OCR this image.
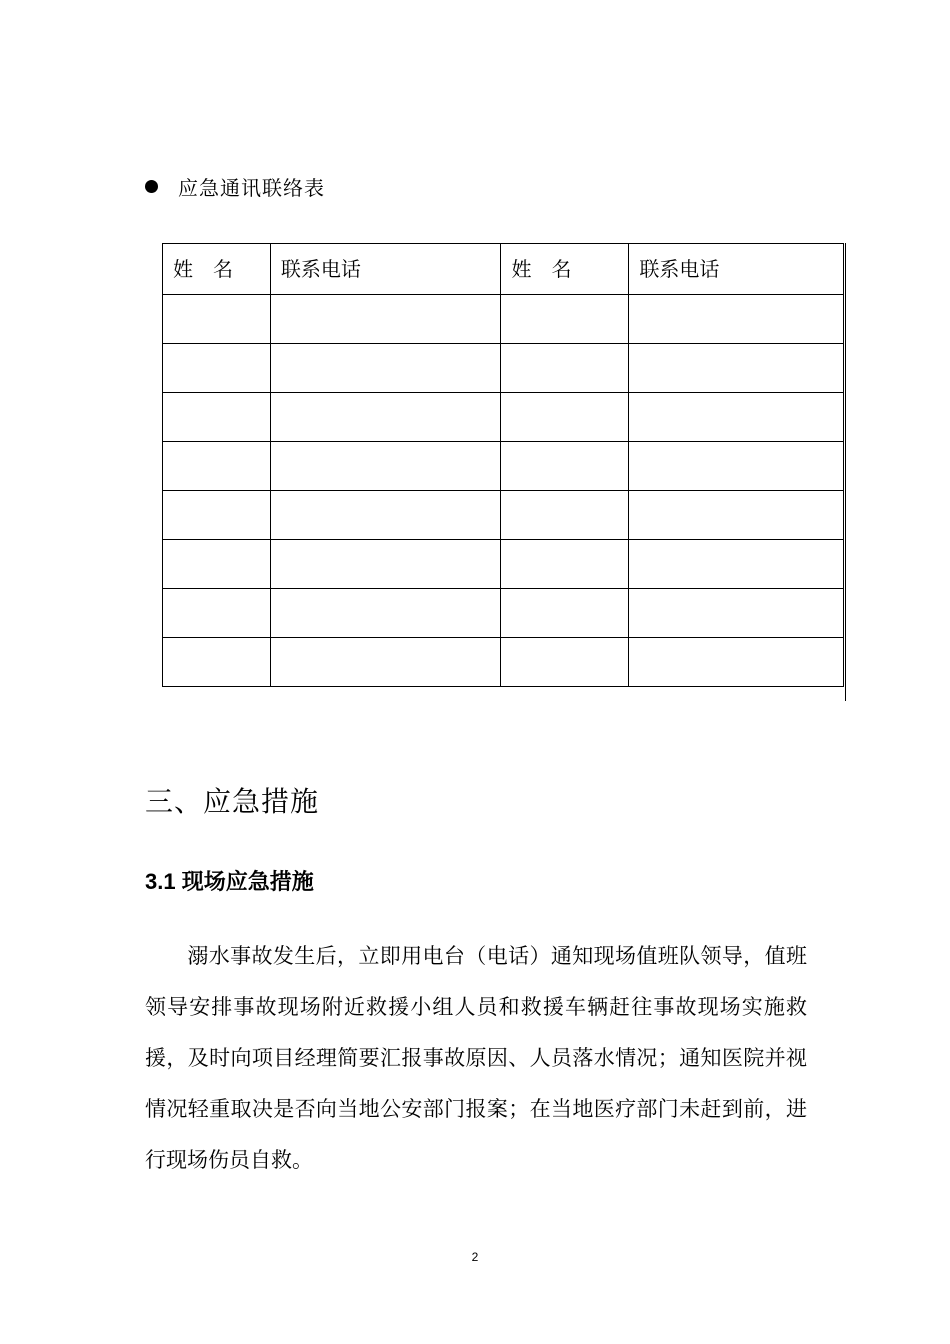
应急通讯联络表
姓　名	联系电话	姓　名	联系电话

三、应急措施
3.1 现场应急措施
溺水事故发生后，立即用电台（电话）通知现场值班队领导，值班领导安排事故现场附近救援小组人员和救援车辆赶往事故现场实施救援，及时向项目经理简要汇报事故原因、人员落水情况；通知医院并视情况轻重取决是否向当地公安部门报案；在当地医疗部门未赶到前，进行现场伤员自救。
2
